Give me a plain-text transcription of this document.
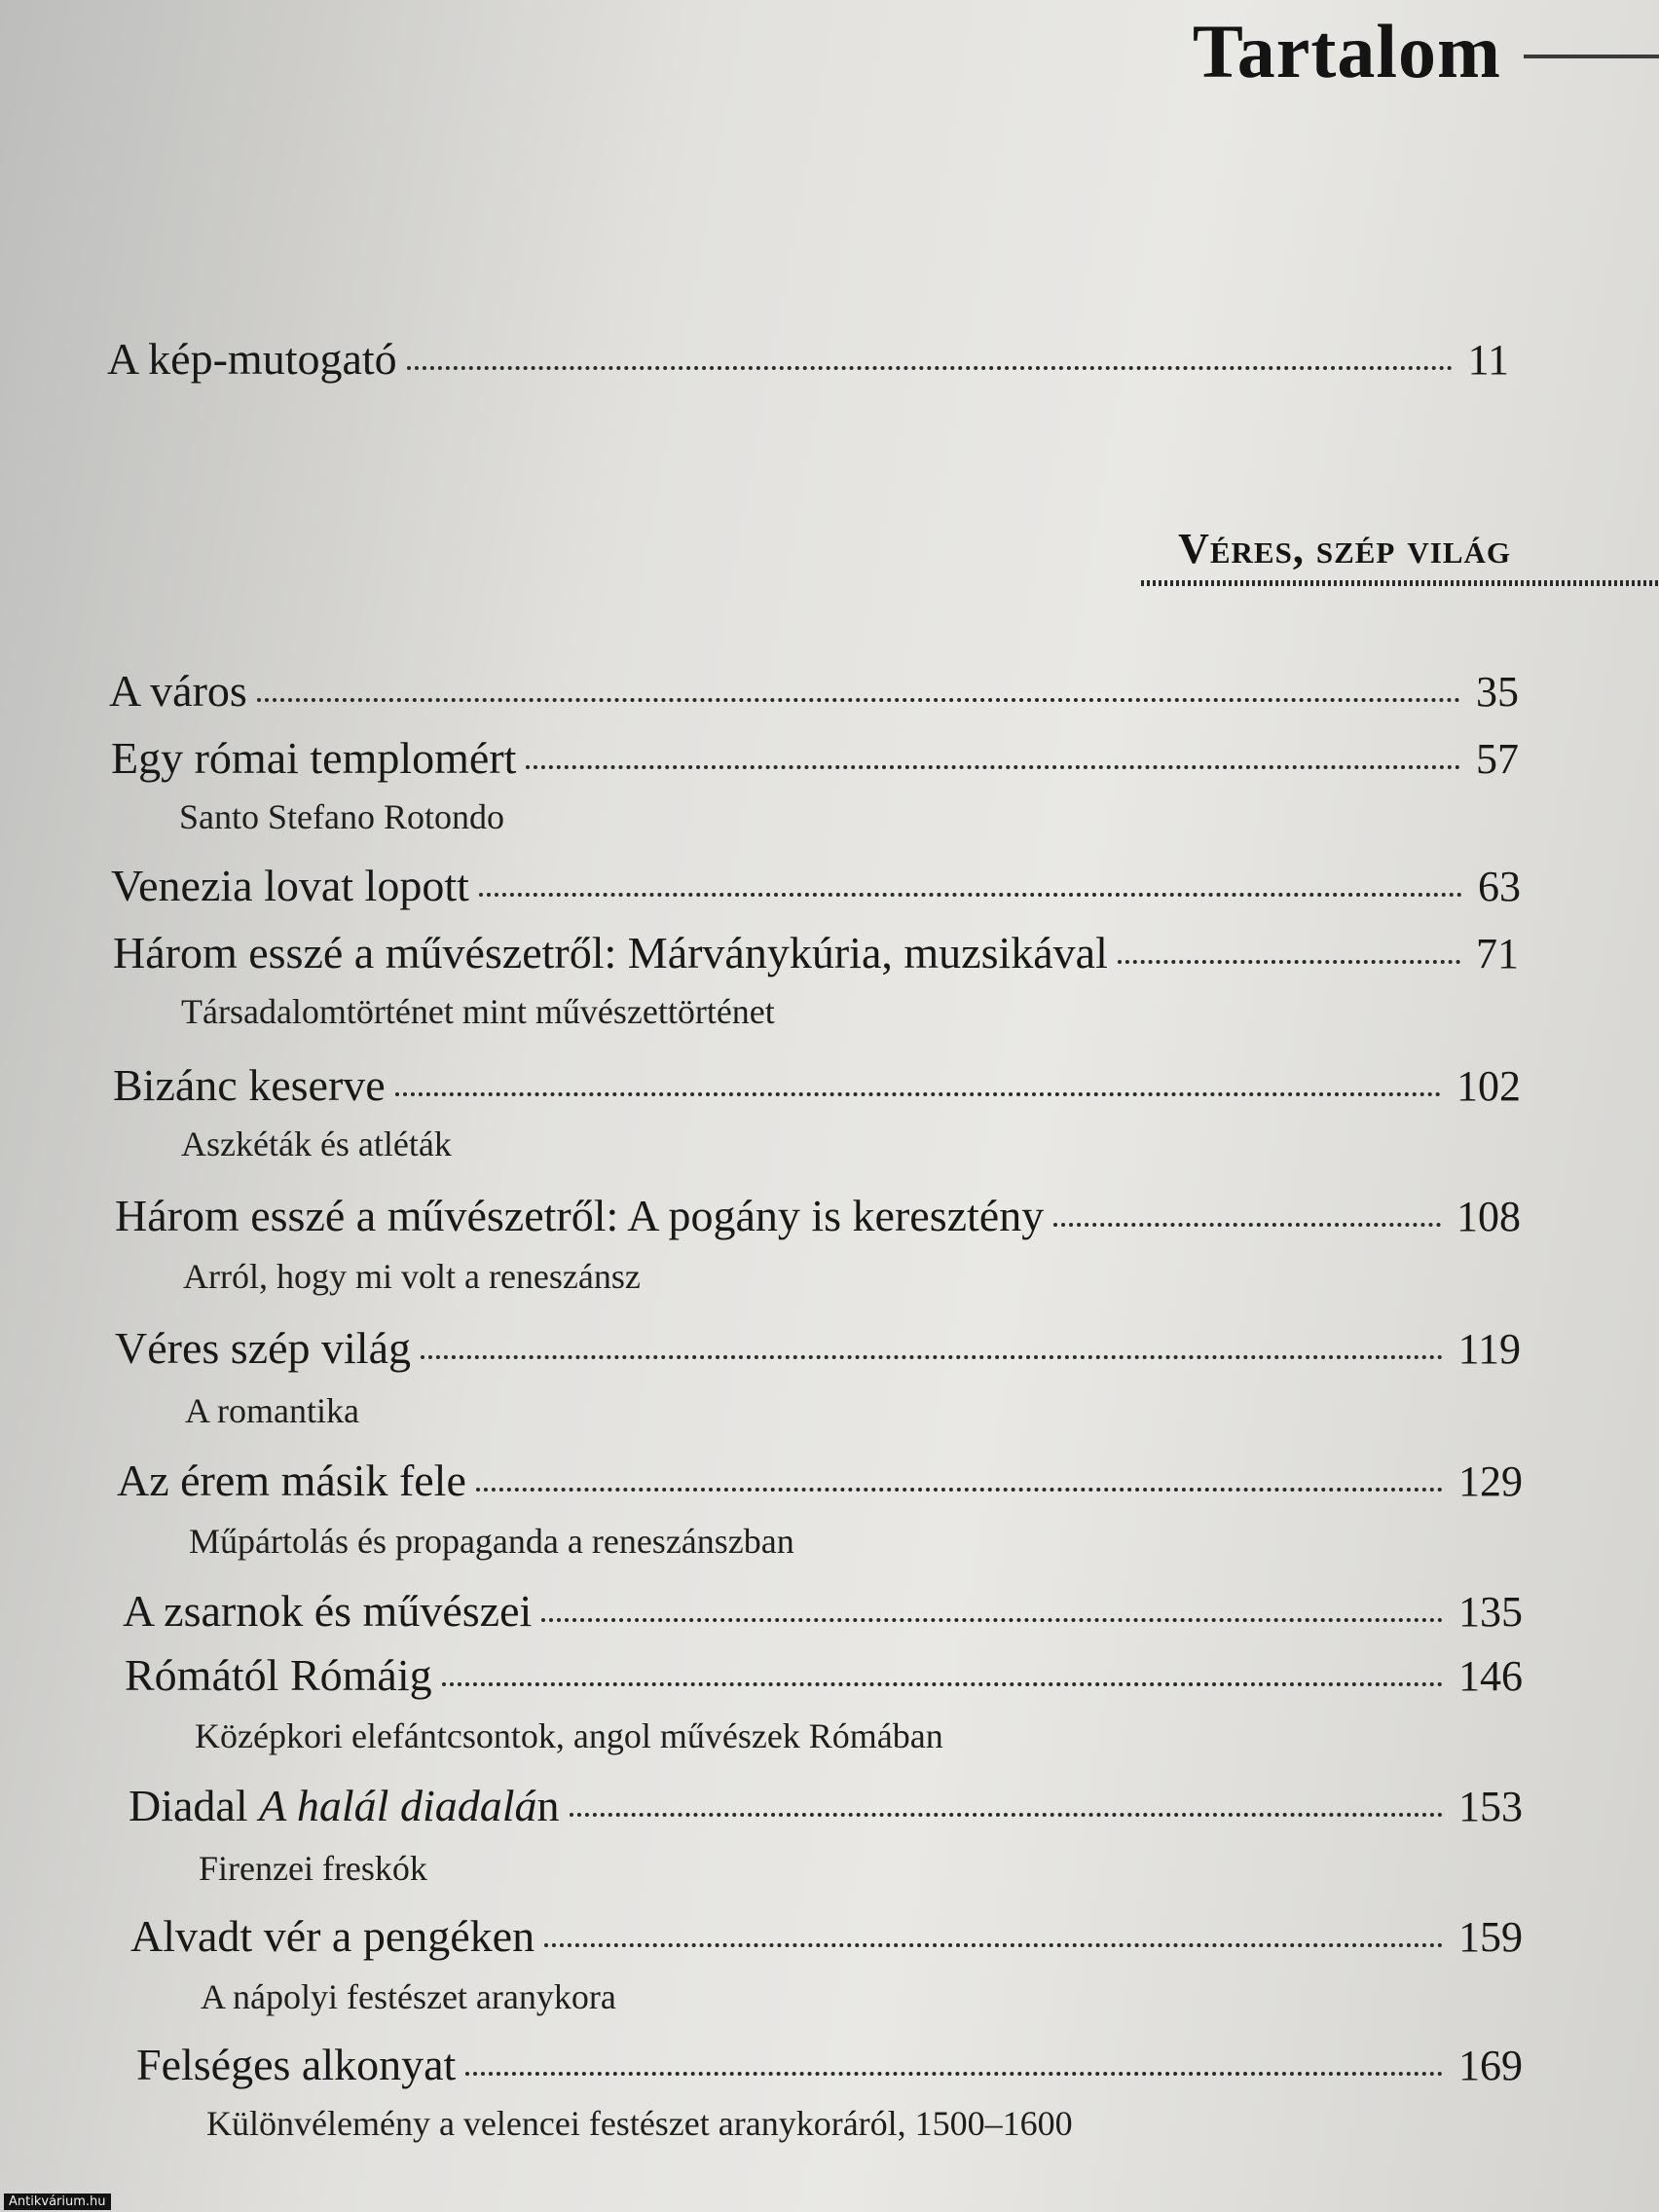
Tartalom
A kép-mutogató	11
Véres, szép világ
A város	35
Egy római templomért	57
Santo Stefano Rotondo
Venezia lovat lopott	63
Három esszé a művészetről: Márványkúria, muzsikával	71
Társadalomtörténet mint művészettörténet
Bizánc keserve	102
Aszkéták és atléták
Három esszé a művészetről: A pogány is keresztény	108
Arról, hogy mi volt a reneszánsz
Véres szép világ	119
A romantika
Az érem másik fele	129
Műpártolás és propaganda a reneszánszban
A zsarnok és művészei	135
Rómától Rómáig	146
Középkori elefántcsontok, angol művészek Rómában
Diadal A halál diadalán	153
Firenzei freskók
Alvadt vér a pengéken	159
A nápolyi festészet aranykora
Felséges alkonyat	169
Különvélemény a velencei festészet aranykoráról, 1500–1600
Antikvárium.hu
